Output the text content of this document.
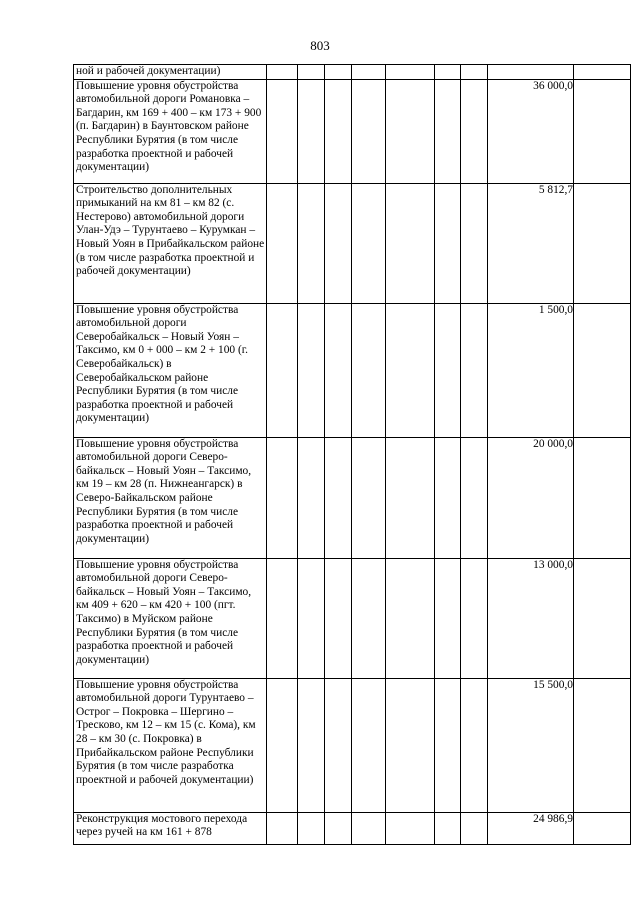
803
ной и рабочей документации)									
Повышение уровня обустройства автомобильной дороги Романовка – Багдарин, км 169 + 400 – км 173 + 900 (п. Багдарин) в Баунтовском районе Республики Бурятия (в том числе разработка проектной и рабочей документации)								36 000,0	
Строительство дополнительных примыканий на км 81 – км 82 (с. Нестерово) автомобильной дороги Улан-Удэ – Турунтаево – Курумкан – Новый Уоян в Прибайкальском районе (в том числе разработка проектной и рабочей документации)								5 812,7	
Повышение уровня обустройства автомобильной дороги Северобайкальск – Новый Уоян – Таксимо, км 0 + 000 – км 2 + 100 (г. Северобайкальск) в Северобайкальском районе Республики Бурятия (в том числе разработка проектной и рабочей документации)								1 500,0	
Повышение уровня обустройства автомобильной дороги Северо-байкальск – Новый Уоян – Таксимо, км 19 – км 28 (п. Нижнеангарск) в Северо-Байкальском районе Республики Бурятия (в том числе разработка проектной и рабочей документации)								20 000,0	
Повышение уровня обустройства автомобильной дороги Северо-байкальск – Новый Уоян – Таксимо, км 409 + 620 – км 420 + 100 (пгт. Таксимо) в Муйском районе Республики Бурятия (в том числе разработка проектной и рабочей документации)								13 000,0	
Повышение уровня обустройства автомобильной дороги Турунтаево – Острог – Покровка – Шергино – Тресково, км 12 – км 15 (с. Кома), км 28 – км 30 (с. Покровка) в Прибайкальском районе Республики Бурятия (в том числе разработка проектной и рабочей документации)								15 500,0	
Реконструкция мостового перехода через ручей на км 161 + 878								24 986,9	
